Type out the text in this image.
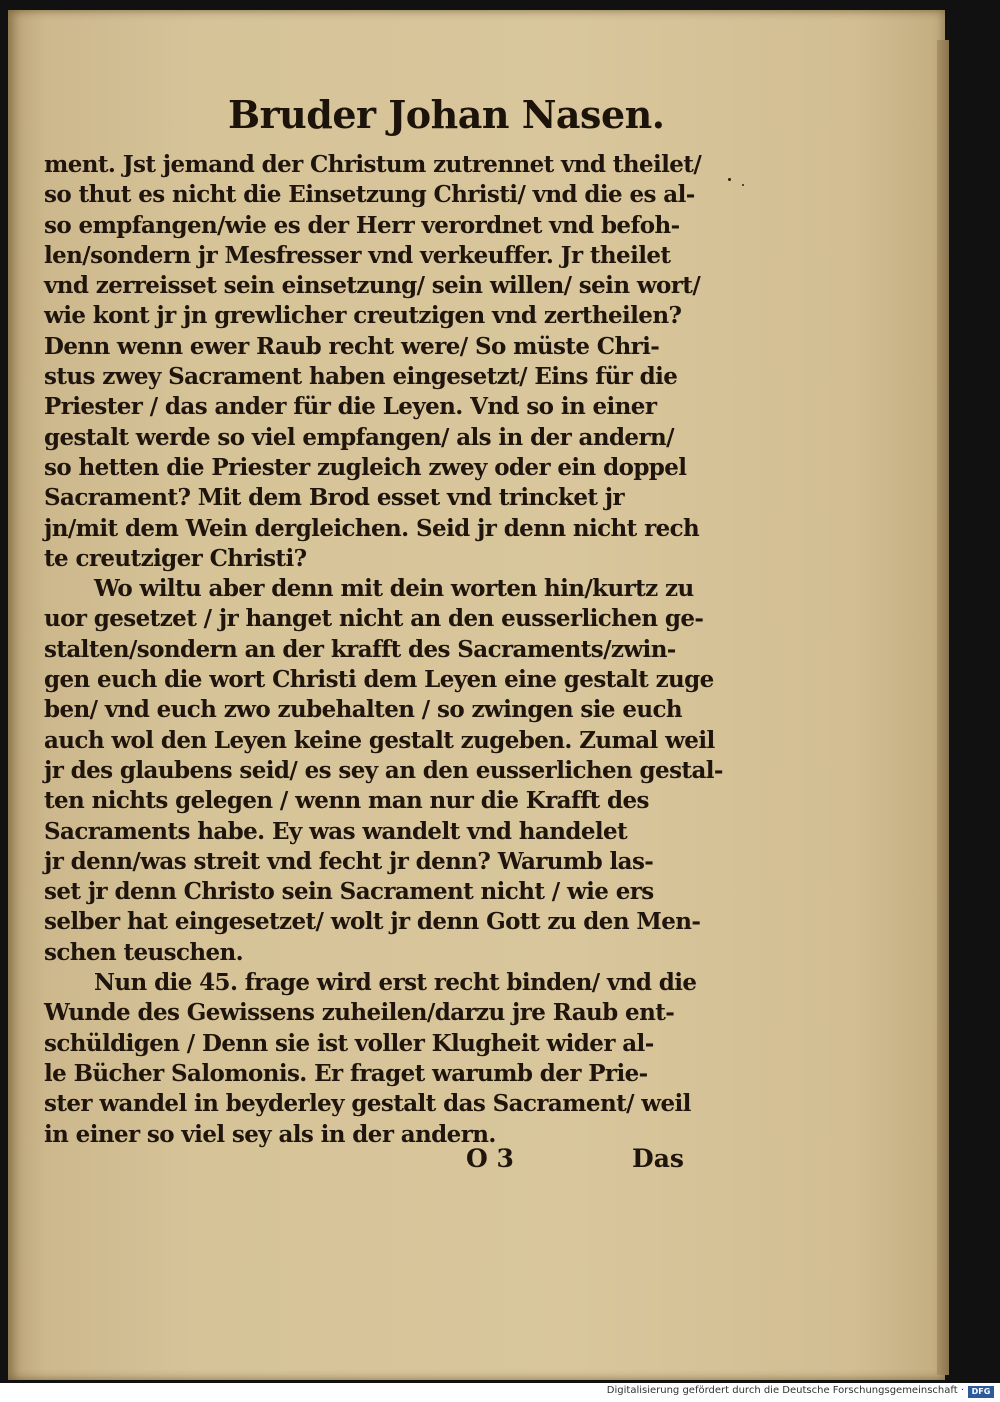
Bruder Johan Nasen.
ment. Jst jemand der Christum zutrennet vnd theilet/
so thut es nicht die Einsetzung Christi/ vnd die es al-
so empfangen/wie es der Herr verordnet vnd befoh-
len/sondern jr Mesfresser vnd verkeuffer. Jr theilet
vnd zerreisset sein einsetzung/ sein willen/ sein wort/
wie kont jr jn grewlicher creutzigen vnd zertheilen?
Denn wenn ewer Raub recht were/ So müste Chri-
stus zwey Sacrament haben eingesetzt/ Eins für die
Priester / das ander für die Leyen. Vnd so in einer
gestalt werde so viel empfangen/ als in der andern/
so hetten die Priester zugleich zwey oder ein doppel
Sacrament? Mit dem Brod esset vnd trincket jr
jn/mit dem Wein dergleichen. Seid jr denn nicht rech
te creutziger Christi?
Wo wiltu aber denn mit dein worten hin/kurtz zu
uor gesetzet / jr hanget nicht an den eusserlichen ge-
stalten/sondern an der krafft des Sacraments/zwin-
gen euch die wort Christi dem Leyen eine gestalt zuge
ben/ vnd euch zwo zubehalten / so zwingen sie euch
auch wol den Leyen keine gestalt zugeben. Zumal weil
jr des glaubens seid/ es sey an den eusserlichen gestal-
ten nichts gelegen / wenn man nur die Krafft des
Sacraments habe. Ey was wandelt vnd handelet
jr denn/was streit vnd fecht jr denn? Warumb las-
set jr denn Christo sein Sacrament nicht / wie ers
selber hat eingesetzet/ wolt jr denn Gott zu den Men-
schen teuschen.
Nun die 45. frage wird erst recht binden/ vnd die
Wunde des Gewissens zuheilen/darzu jre Raub ent-
schüldigen / Denn sie ist voller Klugheit wider al-
le Bücher Salomonis. Er fraget warumb der Prie-
ster wandel in beyderley gestalt das Sacrament/ weil
in einer so viel sey als in der andern.
O 3	Das
Digitalisierung gefördert durch die Deutsche Forschungsgemeinschaft · DFG
